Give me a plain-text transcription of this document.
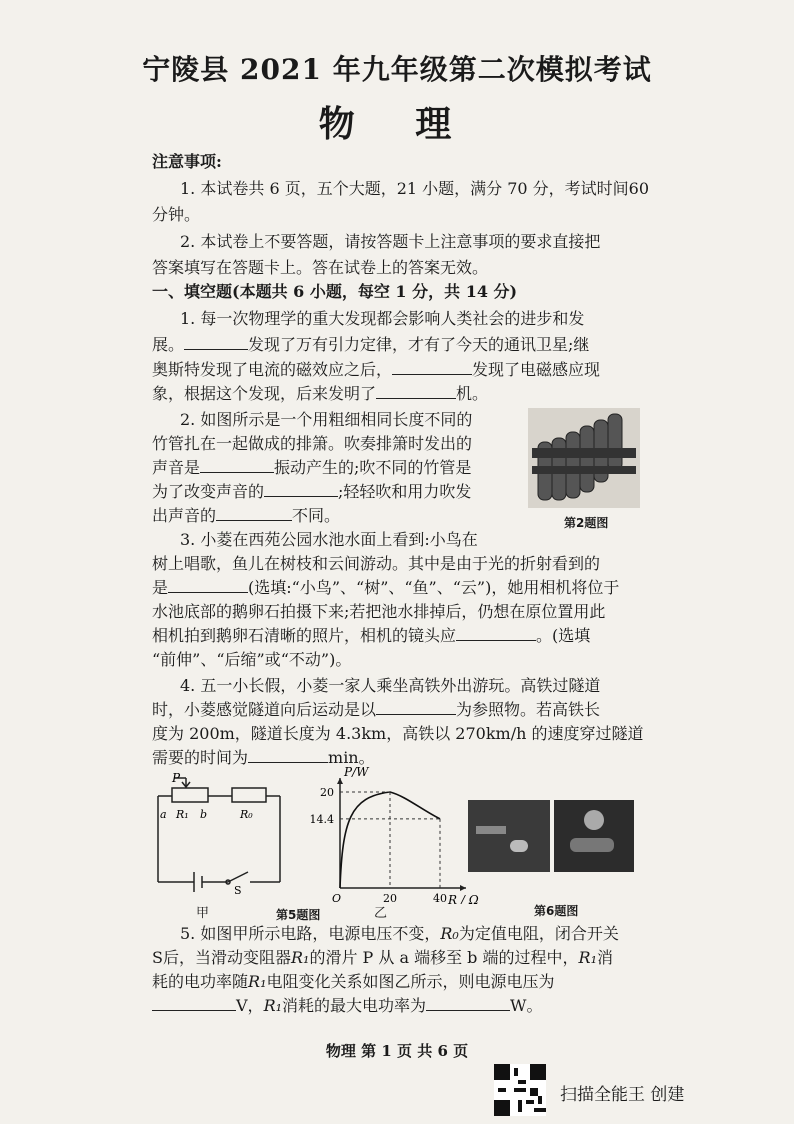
宁陵县 2021 年九年级第二次模拟考试
物 理
注意事项:
1. 本试卷共 6 页，五个大题，21 小题，满分 70 分，考试时间60
分钟。
2. 本试卷上不要答题，请按答题卡上注意事项的要求直接把
答案填写在答题卡上。答在试卷上的答案无效。
一、填空题(本题共 6 小题，每空 1 分，共 14 分)
1. 每一次物理学的重大发现都会影响人类社会的进步和发
展。	发现了万有引力定律，才有了今天的通讯卫星;继
奥斯特发现了电流的磁效应之后，	发现了电磁感应现
象，根据这个发现，后来发明了	机。
2. 如图所示是一个用粗细相同长度不同的
竹管扎在一起做成的排箫。吹奏排箫时发出的
声音是	振动产生的;吹不同的竹管是
为了改变声音的	;轻轻吹和用力吹发
出声音的	不同。	第2题图
3. 小菱在西苑公园水池水面上看到:小鸟在
树上唱歌，鱼儿在树枝和云间游动。其中是由于光的折射看到的
是	(选填:“小鸟”、“树”、“鱼”、“云”)，她用相机将位于
水池底部的鹅卵石拍摄下来;若把池水排掉后，仍想在原位置用此
相机拍到鹅卵石清晰的照片，相机的镜头应	。(选填
“前伸”、“后缩”或“不动”)。
4. 五一小长假，小菱一家人乘坐高铁外出游玩。高铁过隧道
时，小菱感觉隧道向后运动是以	为参照物。若高铁长
度为 200m，隧道长度为 4.3km，高铁以 270km/h 的速度穿过隧道
需要的时间为	min。
P
a R₁ b	R₀
S
甲
P/W
R / Ω
20
14.4
O	20	40
乙
第5题图	第6题图
5. 如图甲所示电路，电源电压不变，R₀为定值电阻，闭合开关
S后，当滑动变阻器R₁的滑片 P 从 a 端移至 b 端的过程中，R₁消
耗的电功率随R₁电阻变化关系如图乙所示，则电源电压为
V，R₁消耗的最大电功率为	W。
物理 第 1 页 共 6 页
扫描全能王 创建
